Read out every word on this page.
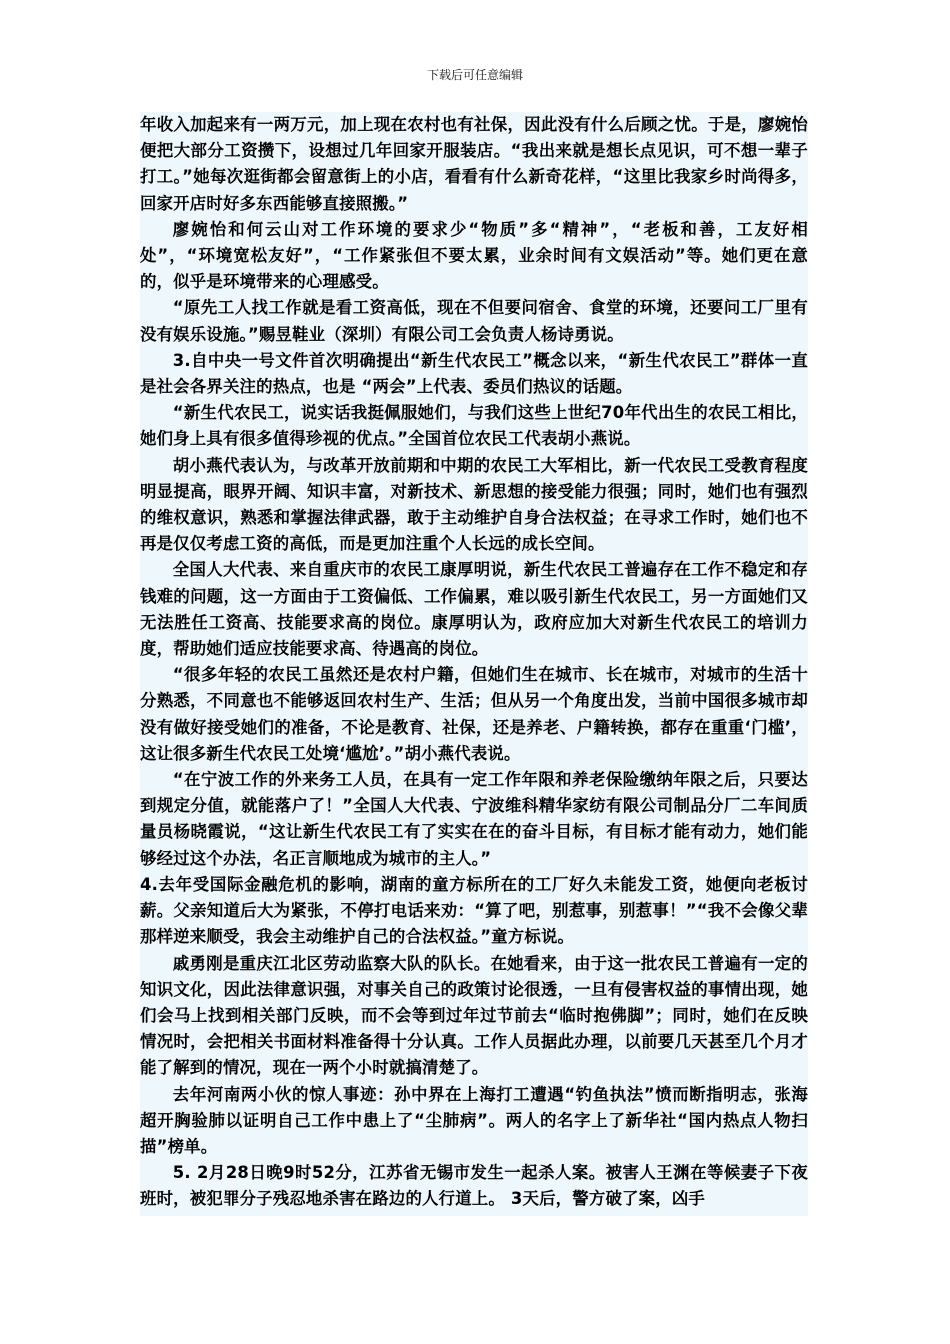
下载后可任意编辑

年收入加起来有一两万元，加上现在农村也有社保，因此没有什么后顾之忧。于是，廖婉怡便把大部分工资攒下，设想过几年回家开服装店。“我出来就是想长点见识，可不想一辈子打工。”她每次逛街都会留意街上的小店，看看有什么新奇花样，“这里比我家乡时尚得多，回家开店时好多东西能够直接照搬。”

廖婉怡和何云山对工作环境的要求少“物质”多“精神”，“老板和善，工友好相处”，“环境宽松友好”，“工作紧张但不要太累，业余时间有文娱活动”等。她们更在意的，似乎是环境带来的心理感受。

“原先工人找工作就是看工资高低，现在不但要问宿舍、食堂的环境，还要问工厂里有没有娱乐设施。”赐昱鞋业（深圳）有限公司工会负责人杨诗勇说。

3.自中央一号文件首次明确提出“新生代农民工”概念以来，“新生代农民工”群体一直是社会各界关注的热点，也是 “两会”上代表、委员们热议的话题。

“新生代农民工，说实话我挺佩服她们，与我们这些上世纪70年代出生的农民工相比，她们身上具有很多值得珍视的优点。”全国首位农民工代表胡小燕说。

胡小燕代表认为，与改革开放前期和中期的农民工大军相比，新一代农民工受教育程度明显提高，眼界开阔、知识丰富，对新技术、新思想的接受能力很强；同时，她们也有强烈的维权意识，熟悉和掌握法律武器，敢于主动维护自身合法权益；在寻求工作时，她们也不再是仅仅考虑工资的高低，而是更加注重个人长远的成长空间。

全国人大代表、来自重庆市的农民工康厚明说，新生代农民工普遍存在工作不稳定和存钱难的问题，这一方面由于工资偏低、工作偏累，难以吸引新生代农民工，另一方面她们又无法胜任工资高、技能要求高的岗位。康厚明认为，政府应加大对新生代农民工的培训力度，帮助她们适应技能要求高、待遇高的岗位。

“很多年轻的农民工虽然还是农村户籍，但她们生在城市、长在城市，对城市的生活十分熟悉，不同意也不能够返回农村生产、生活；但从另一个角度出发，当前中国很多城市却没有做好接受她们的准备，不论是教育、社保，还是养老、户籍转换，都存在重重‘门槛’，这让很多新生代农民工处境‘尴尬’。”胡小燕代表说。

“在宁波工作的外来务工人员，在具有一定工作年限和养老保险缴纳年限之后，只要达到规定分值，就能落户了！”全国人大代表、宁波维科精华家纺有限公司制品分厂二车间质量员杨晓霞说，“这让新生代农民工有了实实在在的奋斗目标，有目标才能有动力，她们能够经过这个办法，名正言顺地成为城市的主人。”

4.去年受国际金融危机的影响，湖南的童方标所在的工厂好久未能发工资，她便向老板讨薪。父亲知道后大为紧张，不停打电话来劝：“算了吧，别惹事，别惹事！”“我不会像父辈那样逆来顺受，我会主动维护自己的合法权益。”童方标说。

戚勇刚是重庆江北区劳动监察大队的队长。在她看来，由于这一批农民工普遍有一定的知识文化，因此法律意识强，对事关自己的政策讨论很透，一旦有侵害权益的事情出现，她们会马上找到相关部门反映，而不会等到过年过节前去“临时抱佛脚”；同时，她们在反映情况时，会把相关书面材料准备得十分认真。工作人员据此办理，以前要几天甚至几个月才能了解到的情况，现在一两个小时就搞清楚了。

去年河南两小伙的惊人事迹：孙中界在上海打工遭遇“钓鱼执法”愤而断指明志，张海超开胸验肺以证明自己工作中患上了“尘肺病”。两人的名字上了新华社“国内热点人物扫描”榜单。

5. 2月28日晚9时52分，江苏省无锡市发生一起杀人案。被害人王渊在等候妻子下夜班时，被犯罪分子残忍地杀害在路边的人行道上。 3天后，警方破了案，凶手
